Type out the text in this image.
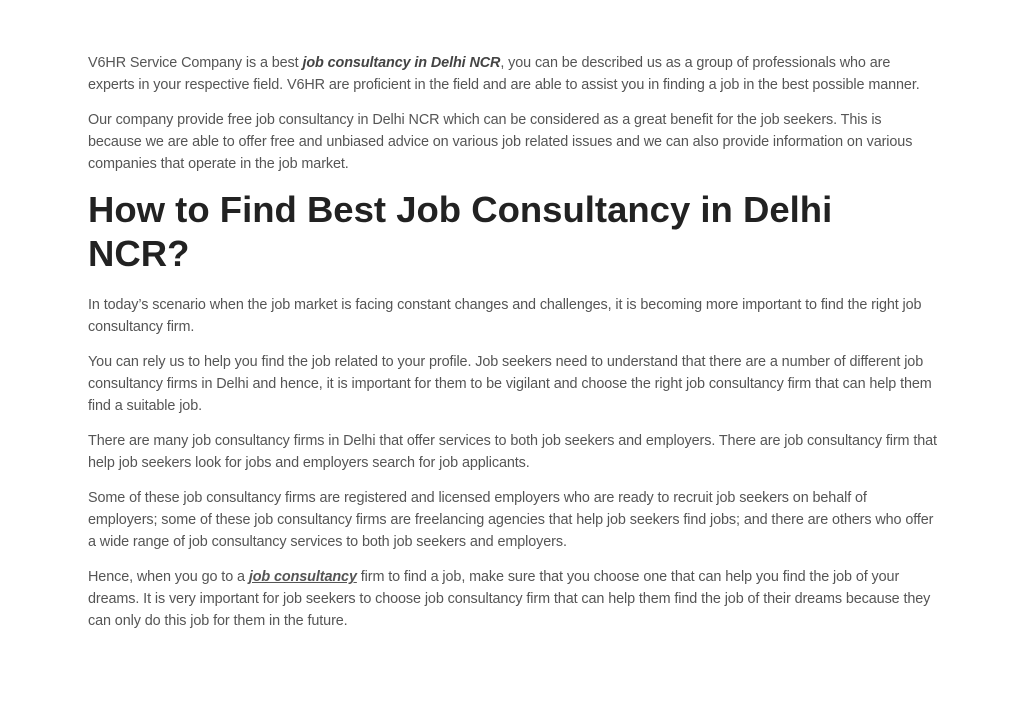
V6HR Service Company is a best job consultancy in Delhi NCR, you can be described us as a group of professionals who are experts in your respective field. V6HR are proficient in the field and are able to assist you in finding a job in the best possible manner.

Our company provide free job consultancy in Delhi NCR which can be considered as a great benefit for the job seekers. This is because we are able to offer free and unbiased advice on various job related issues and we can also provide information on various companies that operate in the job market.

How to Find Best Job Consultancy in Delhi NCR?

In today’s scenario when the job market is facing constant changes and challenges, it is becoming more important to find the right job consultancy firm.

You can rely us to help you find the job related to your profile. Job seekers need to understand that there are a number of different job consultancy firms in Delhi and hence, it is important for them to be vigilant and choose the right job consultancy firm that can help them find a suitable job.

There are many job consultancy firms in Delhi that offer services to both job seekers and employers. There are job consultancy firm that help job seekers look for jobs and employers search for job applicants.

Some of these job consultancy firms are registered and licensed employers who are ready to recruit job seekers on behalf of employers; some of these job consultancy firms are freelancing agencies that help job seekers find jobs; and there are others who offer a wide range of job consultancy services to both job seekers and employers.

Hence, when you go to a job consultancy firm to find a job, make sure that you choose one that can help you find the job of your dreams. It is very important for job seekers to choose job consultancy firm that can help them find the job of their dreams because they can only do this job for them in the future.
